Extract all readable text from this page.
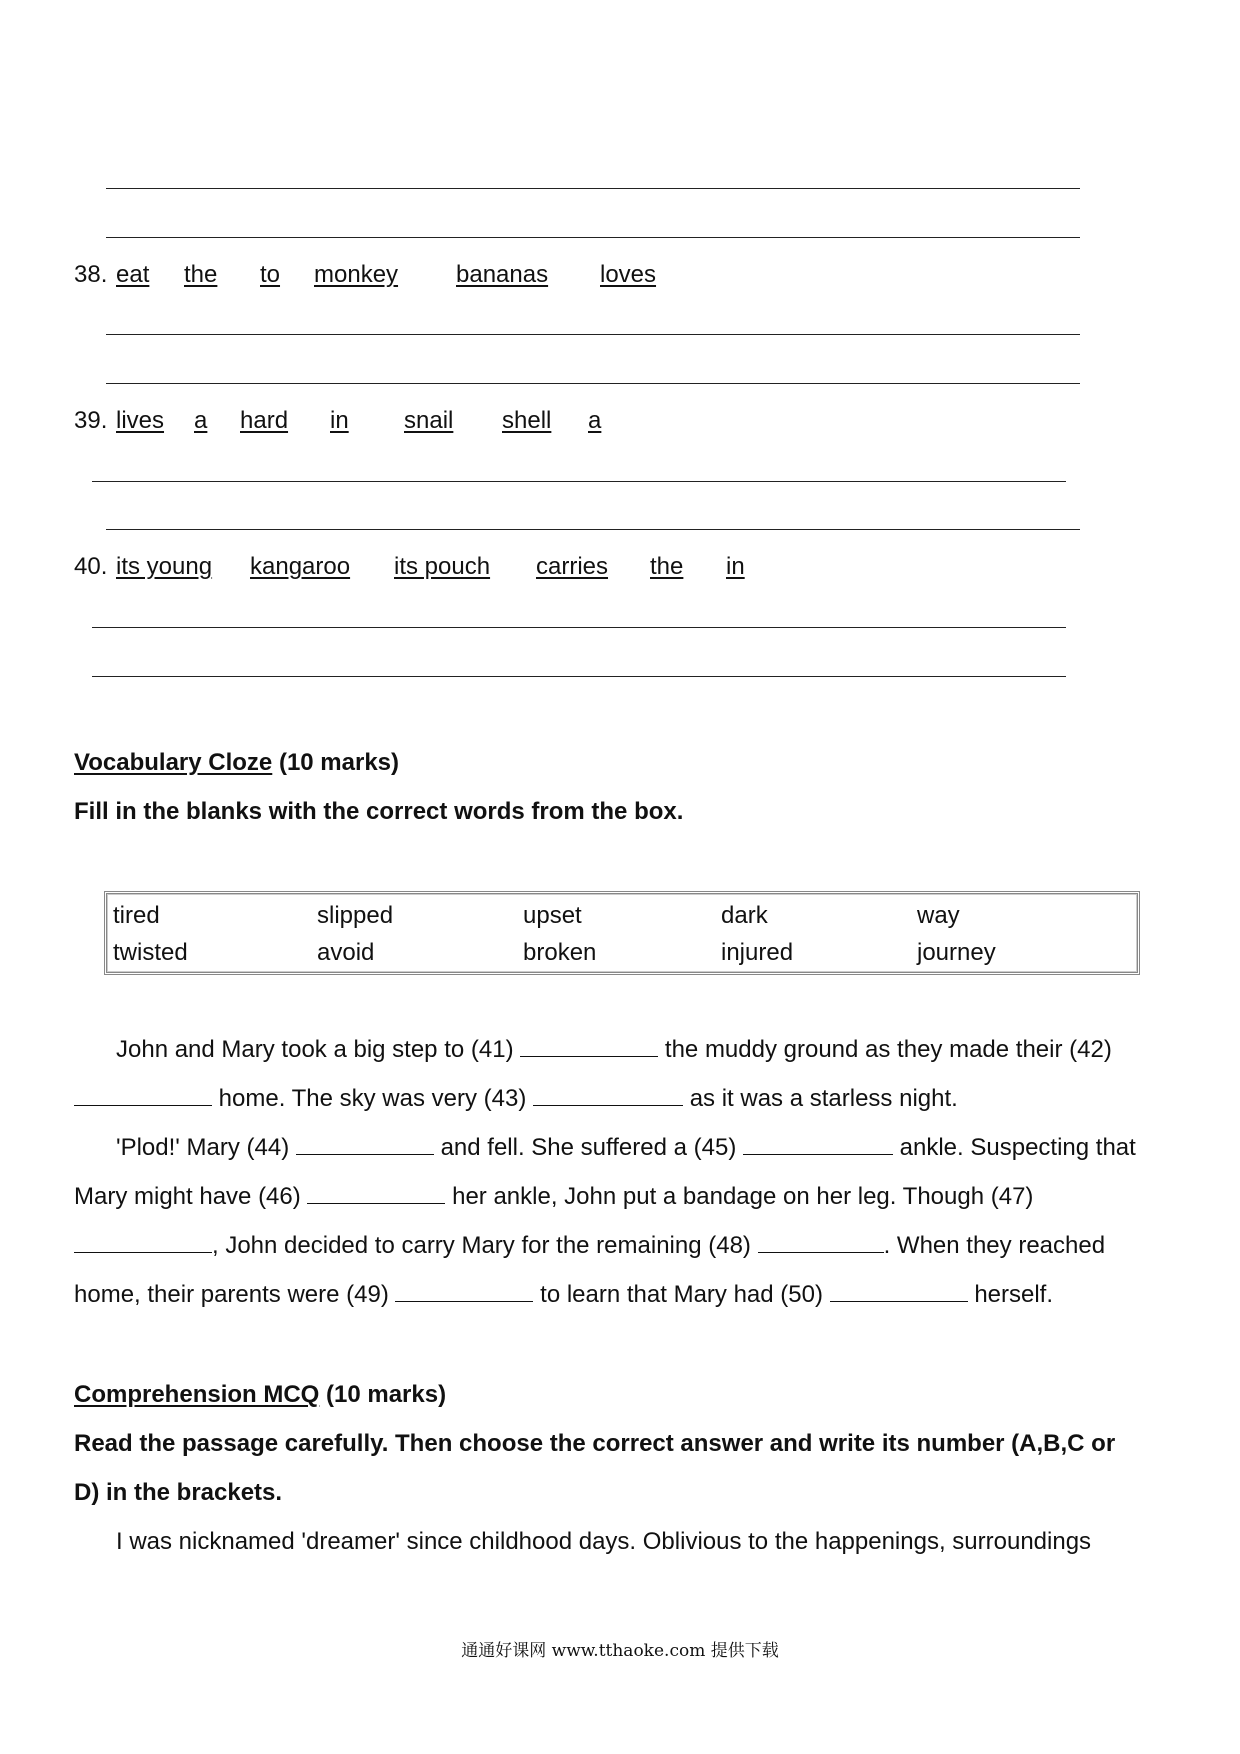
38. eat the to monkey bananas loves
39. lives a hard in snail shell a
40. its young kangaroo its pouch carries the in
Vocabulary Cloze (10 marks)
Fill in the blanks with the correct words from the box.
tired	slipped	upset	dark	way
twisted	avoid	broken	injured	journey
John and Mary took a big step to (41)	the muddy ground as they made their (42)
home. The sky was very (43)	as it was a starless night.
'Plod!' Mary (44)	and fell. She suffered a (45)	ankle. Suspecting that
Mary might have (46)	her ankle, John put a bandage on her leg. Though (47)
, John decided to carry Mary for the remaining (48)	. When they reached
home, their parents were (49)	to learn that Mary had (50)	herself.
Comprehension MCQ (10 marks)
Read the passage carefully. Then choose the correct answer and write its number (A,B,C or
D) in the brackets.
I was nicknamed 'dreamer' since childhood days. Oblivious to the happenings, surroundings
通通好课网 www.tthaoke.com 提供下载
